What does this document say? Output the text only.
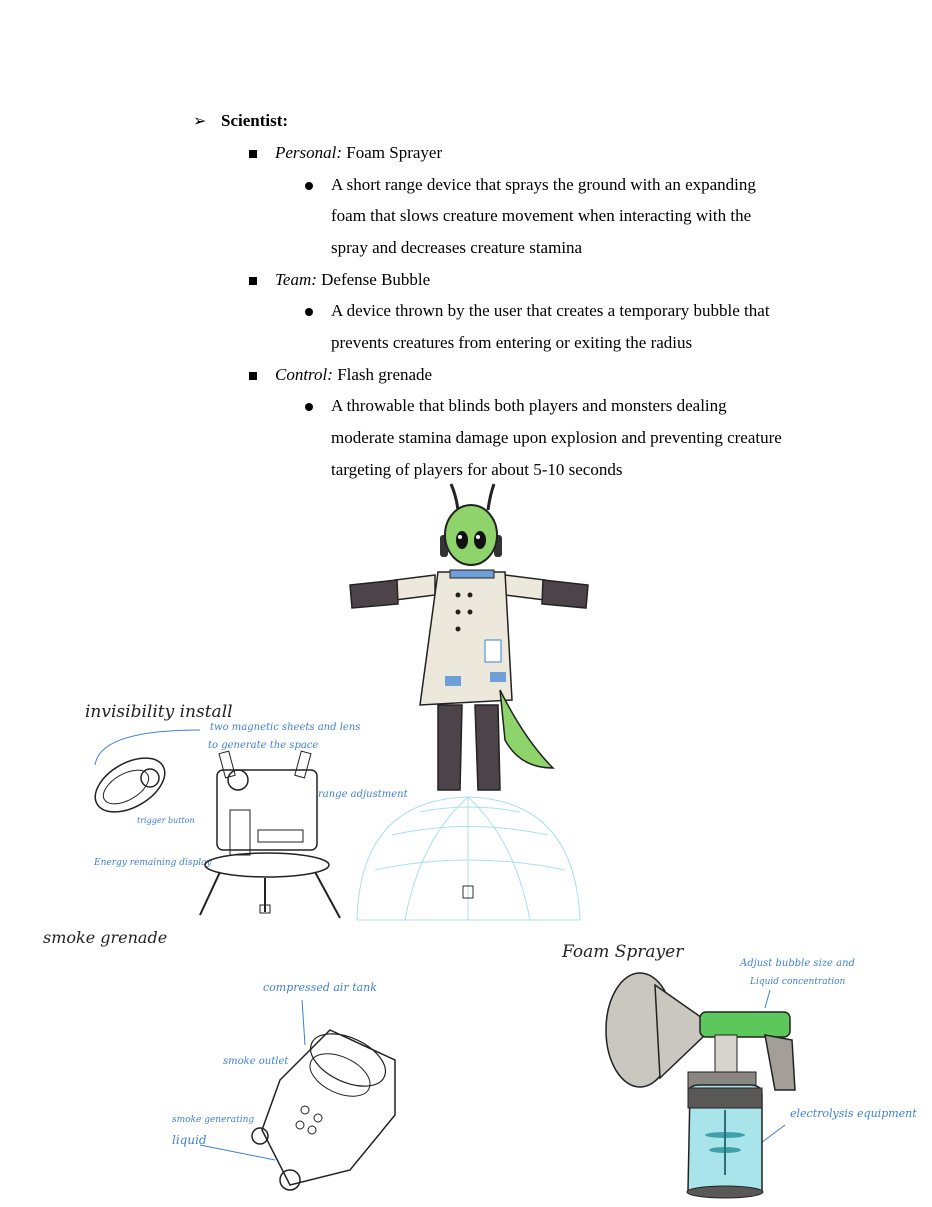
➢ Scientist:
Personal: Foam Sprayer
A short range device that sprays the ground with an expanding
foam that slows creature movement when interacting with the
spray and decreases creature stamina
Team: Defense Bubble
A device thrown by the user that creates a temporary bubble that
prevents creatures from entering or exiting the radius
Control: Flash grenade
A throwable that blinds both players and monsters dealing
moderate stamina damage upon explosion and preventing creature
targeting of players for about 5-10 seconds
invisibility install
two magnetic sheets and lens
to generate the space
trigger button
range adjustment
Energy remaining display
smoke grenade
compressed air tank
smoke outlet
smoke generating
liquid
Foam Sprayer
Adjust bubble size and
Liquid concentration
electrolysis equipment
